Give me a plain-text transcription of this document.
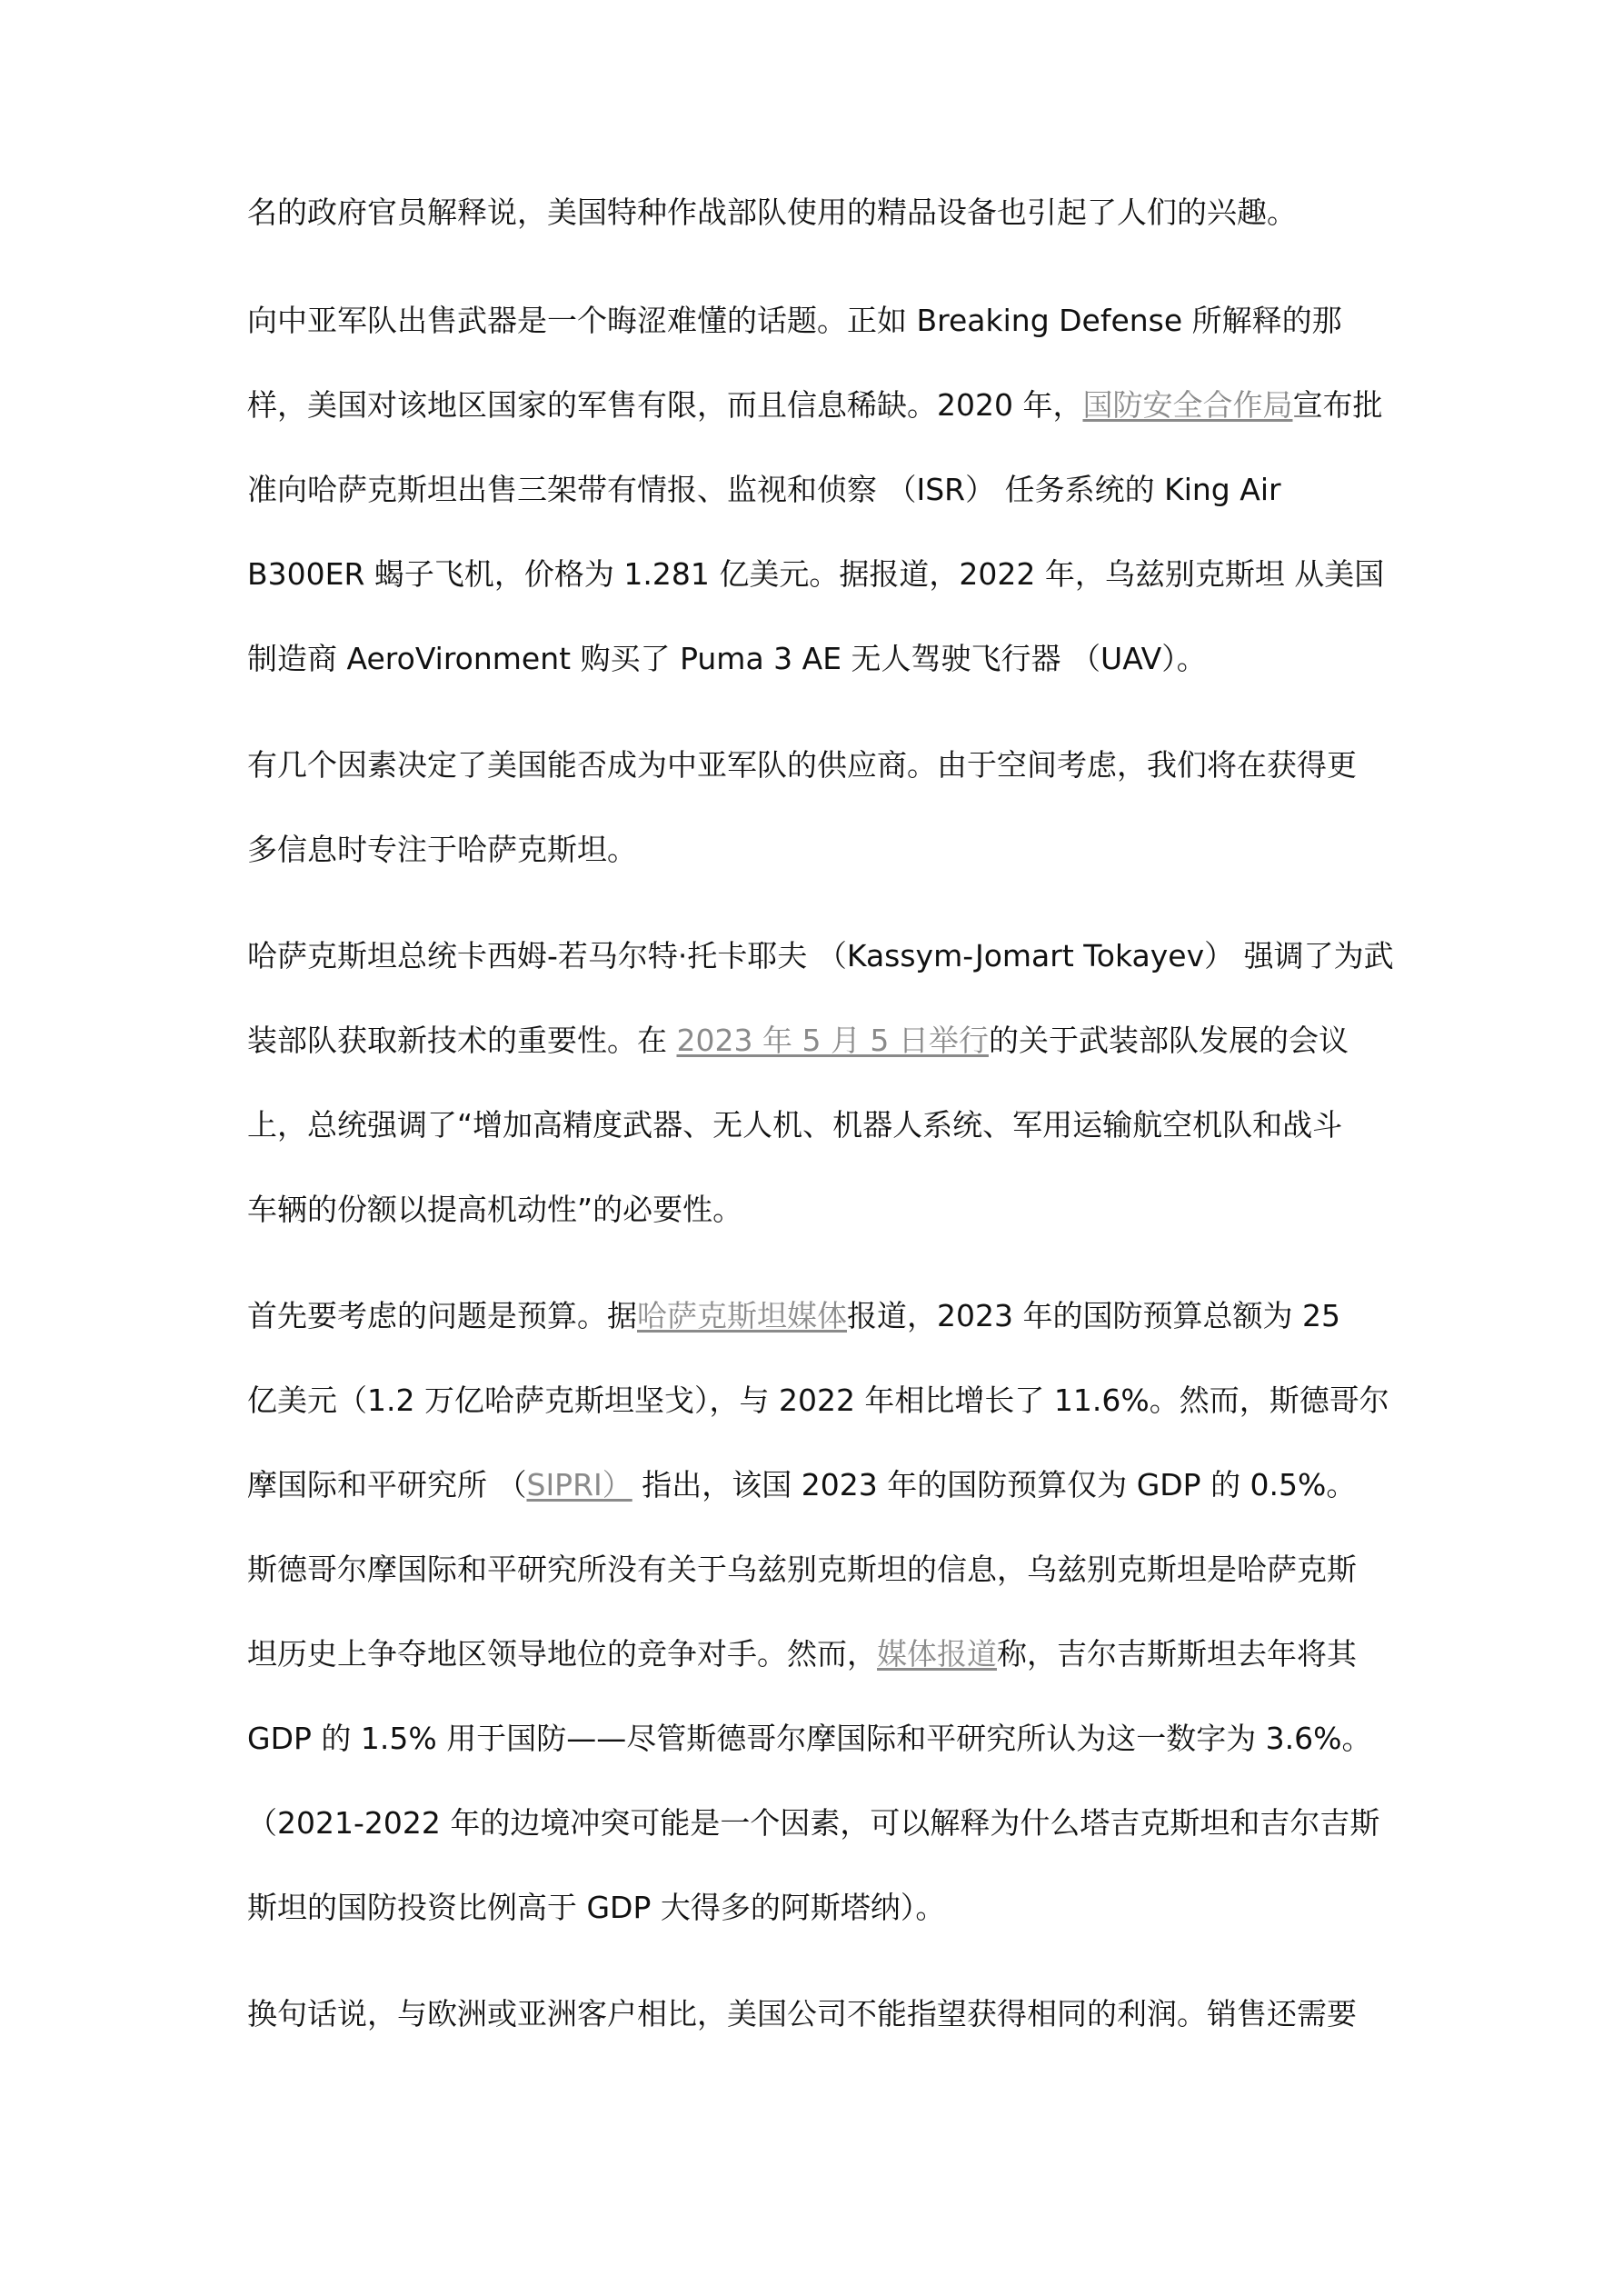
名的政府官员解释说，美国特种作战部队使用的精品设备也引起了人们的兴趣。
向中亚军队出售武器是一个晦涩难懂的话题。正如 Breaking Defense 所解释的那
样，美国对该地区国家的军售有限，而且信息稀缺。2020 年，国防安全合作局宣布批
准向哈萨克斯坦出售三架带有情报、监视和侦察 （ISR） 任务系统的 King Air
B300ER 蝎子飞机，价格为 1.281 亿美元。据报道，2022 年，乌兹别克斯坦 从美国
制造商 AeroVironment 购买了 Puma 3 AE 无人驾驶飞行器 （UAV）。
有几个因素决定了美国能否成为中亚军队的供应商。由于空间考虑，我们将在获得更
多信息时专注于哈萨克斯坦。
哈萨克斯坦总统卡西姆-若马尔特·托卡耶夫 （Kassym-Jomart Tokayev） 强调了为武
装部队获取新技术的重要性。在 2023 年 5 月 5 日举行的关于武装部队发展的会议
上，总统强调了“增加高精度武器、无人机、机器人系统、军用运输航空机队和战斗
车辆的份额以提高机动性”的必要性。
首先要考虑的问题是预算。据哈萨克斯坦媒体报道，2023 年的国防预算总额为 25
亿美元（1.2 万亿哈萨克斯坦坚戈），与 2022 年相比增长了 11.6%。然而，斯德哥尔
摩国际和平研究所 （SIPRI） 指出，该国 2023 年的国防预算仅为 GDP 的 0.5%。
斯德哥尔摩国际和平研究所没有关于乌兹别克斯坦的信息，乌兹别克斯坦是哈萨克斯
坦历史上争夺地区领导地位的竞争对手。然而，媒体报道称，吉尔吉斯斯坦去年将其
GDP 的 1.5% 用于国防——尽管斯德哥尔摩国际和平研究所认为这一数字为 3.6%。
（2021-2022 年的边境冲突可能是一个因素，可以解释为什么塔吉克斯坦和吉尔吉斯
斯坦的国防投资比例高于 GDP 大得多的阿斯塔纳）。
换句话说，与欧洲或亚洲客户相比，美国公司不能指望获得相同的利润。销售还需要
